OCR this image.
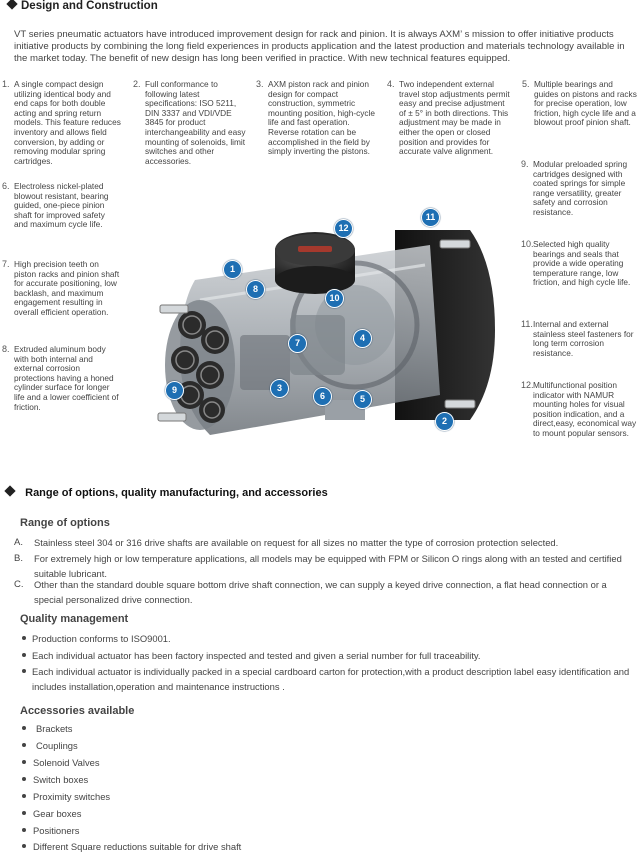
Design and Construction
VT series pneumatic actuators have introduced improvement design for rack and pinion. It is always AXM’ s mission to offer initiative products initiative products by combining the long field experiences in products application and the latest production and materials technology available in the market today. The benefit of new design has long been verified in practice. With new technical features equipped.
1. A single compact design utilizing identical body and end caps for both double acting and spring return models. This feature reduces inventory and allows field conversion, by adding or removing modular spring cartridges.
2. Full conformance to following latest specifications: ISO 5211, DIN 3337 and VDI/VDE 3845 for product interchangeability and easy mounting of solenoids, limit switches and other accessories.
3. AXM piston rack and pinion design for compact construction, symmetric mounting position, high-cycle life and fast operation. Reverse rotation can be accomplished in the field by simply inverting the pistons.
4. Two independent external travel stop adjustments permit easy and precise adjustment of ± 5° in both directions. This adjustment may be made in either the open or closed position and provides for accurate valve alignment.
5. Multiple bearings and guides on pistons and racks for precise operation, low friction, high cycle life and a blowout proof pinion shaft.
6. Electroless nickel-plated blowout resistant, bearing guided, one-piece pinion shaft for improved safety and maximum cycle life.
7. High precision teeth on piston racks and pinion shaft for accurate positioning, low backlash, and maximum engagement resulting in overall efficient operation.
8. Extruded aluminum body with both internal and external corrosion protections having a honed cylinder surface for longer life and a lower coefficient of friction.
9. Modular preloaded spring cartridges designed with coated springs for simple range versatility, greater safety and corrosion resistance.
10. Selected high quality bearings and seals that provide a wide operating temperature range, low friction, and high cycle life.
11. Internal and external stainless steel fasteners for long term corrosion resistance.
12. Multifunctional position indicator with NAMUR mounting holes for visual position indication, and a direct,easy, economical way to mount popular sensors.
1
2
3
4
5
6
7
8
9
10
11
12
Range of options, quality manufacturing, and accessories
Range of options
A.	Stainless steel 304 or 316 drive shafts are available on request for all sizes no matter the type of corrosion protection selected.
B.	For extremely high or low temperature applications, all models may be equipped with FPM or Silicon O rings along with an tested and certified suitable lubricant.
C.	Other than the standard double square bottom drive shaft connection, we can supply a keyed drive connection, a flat head connection or a special personalized drive connection.
Quality management
Production conforms to ISO9001.
Each individual actuator has been factory inspected and tested and given a serial number for full traceability.
Each individual actuator is individually packed in a special cardboard carton for protection,with a product description label easy identification and includes installation,operation and maintenance instructions .
Accessories available
Brackets
Couplings
Solenoid Valves
Switch boxes
Proximity switches
Gear boxes
Positioners
Different Square reductions suitable for drive shaft
